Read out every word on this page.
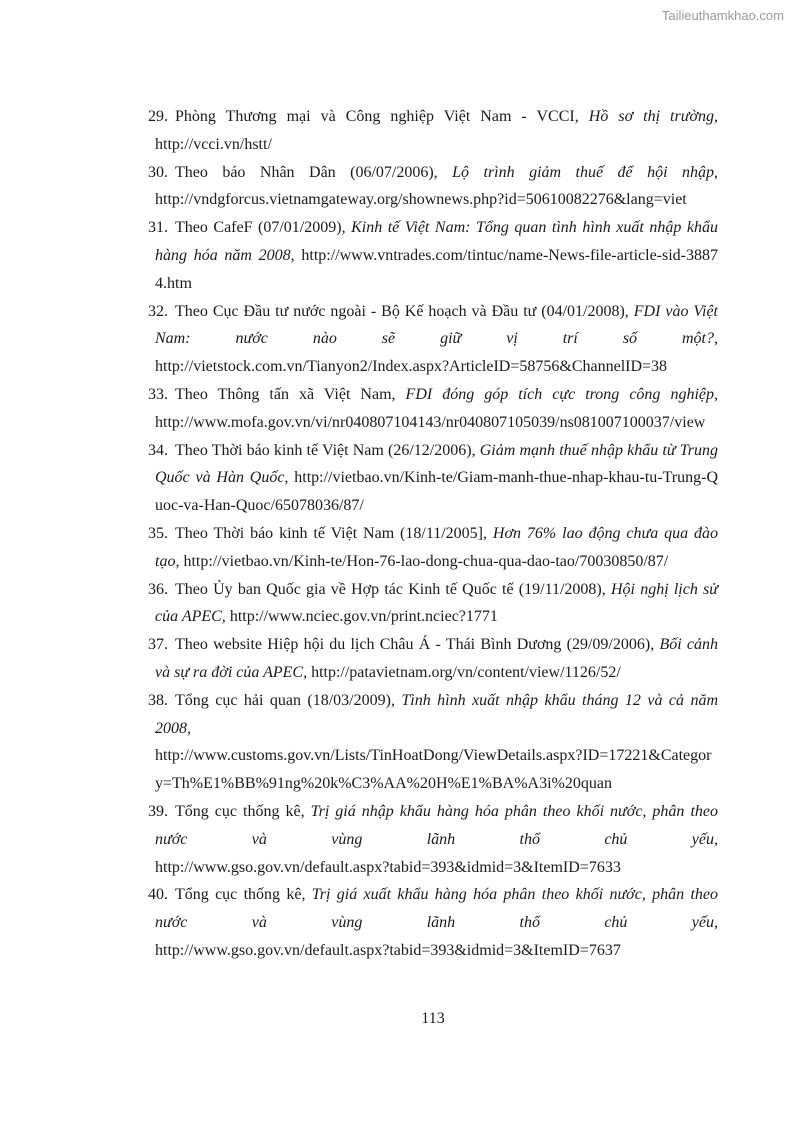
Tailieuthamkhao.com
29. Phòng Thương mại và Công nghiệp Việt Nam - VCCI, Hồ sơ thị trường,
http://vcci.vn/hstt/
30. Theo báo Nhân Dân (06/07/2006), Lộ trình giảm thuế để hội nhập,
http://vndgforcus.vietnamgateway.org/shownews.php?id=50610082276&lang=viet
31. Theo CafeF (07/01/2009), Kinh tế Việt Nam: Tổng quan tình hình xuất nhập khẩu hàng hóa năm 2008, http://www.vntrades.com/tintuc/name-News-file-article-sid-38874.htm
32. Theo Cục Đầu tư nước ngoài - Bộ Kế hoạch và Đầu tư (04/01/2008), FDI vào Việt Nam: nước nào sẽ giữ vị trí số một?,
http://vietstock.com.vn/Tianyon2/Index.aspx?ArticleID=58756&ChannelID=38
33. Theo Thông tấn xã Việt Nam, FDI đóng góp tích cực trong công nghiệp,
http://www.mofa.gov.vn/vi/nr040807104143/nr040807105039/ns081007100037/view
34. Theo Thời báo kinh tế Việt Nam (26/12/2006), Giảm mạnh thuế nhập khẩu từ Trung Quốc và Hàn Quốc, http://vietbao.vn/Kinh-te/Giam-manh-thue-nhap-khau-tu-Trung-Quoc-va-Han-Quoc/65078036/87/
35. Theo Thời báo kinh tế Việt Nam (18/11/2005], Hơn 76% lao động chưa qua đào tạo, http://vietbao.vn/Kinh-te/Hon-76-lao-dong-chua-qua-dao-tao/70030850/87/
36. Theo Ủy ban Quốc gia về Hợp tác Kinh tế Quốc tế (19/11/2008), Hội nghị lịch sử của APEC, http://www.nciec.gov.vn/print.nciec?1771
37. Theo website Hiệp hội du lịch Châu Á - Thái Bình Dương (29/09/2006), Bối cảnh và sự ra đời của APEC, http://patavietnam.org/vn/content/view/1126/52/
38. Tổng cục hải quan (18/03/2009), Tình hình xuất nhập khẩu tháng 12 và cả năm 2008,
http://www.customs.gov.vn/Lists/TinHoatDong/ViewDetails.aspx?ID=17221&Category=Th%E1%BB%91ng%20k%C3%AA%20H%E1%BA%A3i%20quan
39. Tổng cục thống kê, Trị giá nhập khẩu hàng hóa phân theo khối nước, phân theo nước và vùng lãnh thổ chủ yếu,
http://www.gso.gov.vn/default.aspx?tabid=393&idmid=3&ItemID=7633
40. Tổng cục thống kê, Trị giá xuất khẩu hàng hóa phân theo khối nước, phân theo nước và vùng lãnh thổ chủ yếu,
http://www.gso.gov.vn/default.aspx?tabid=393&idmid=3&ItemID=7637
113
